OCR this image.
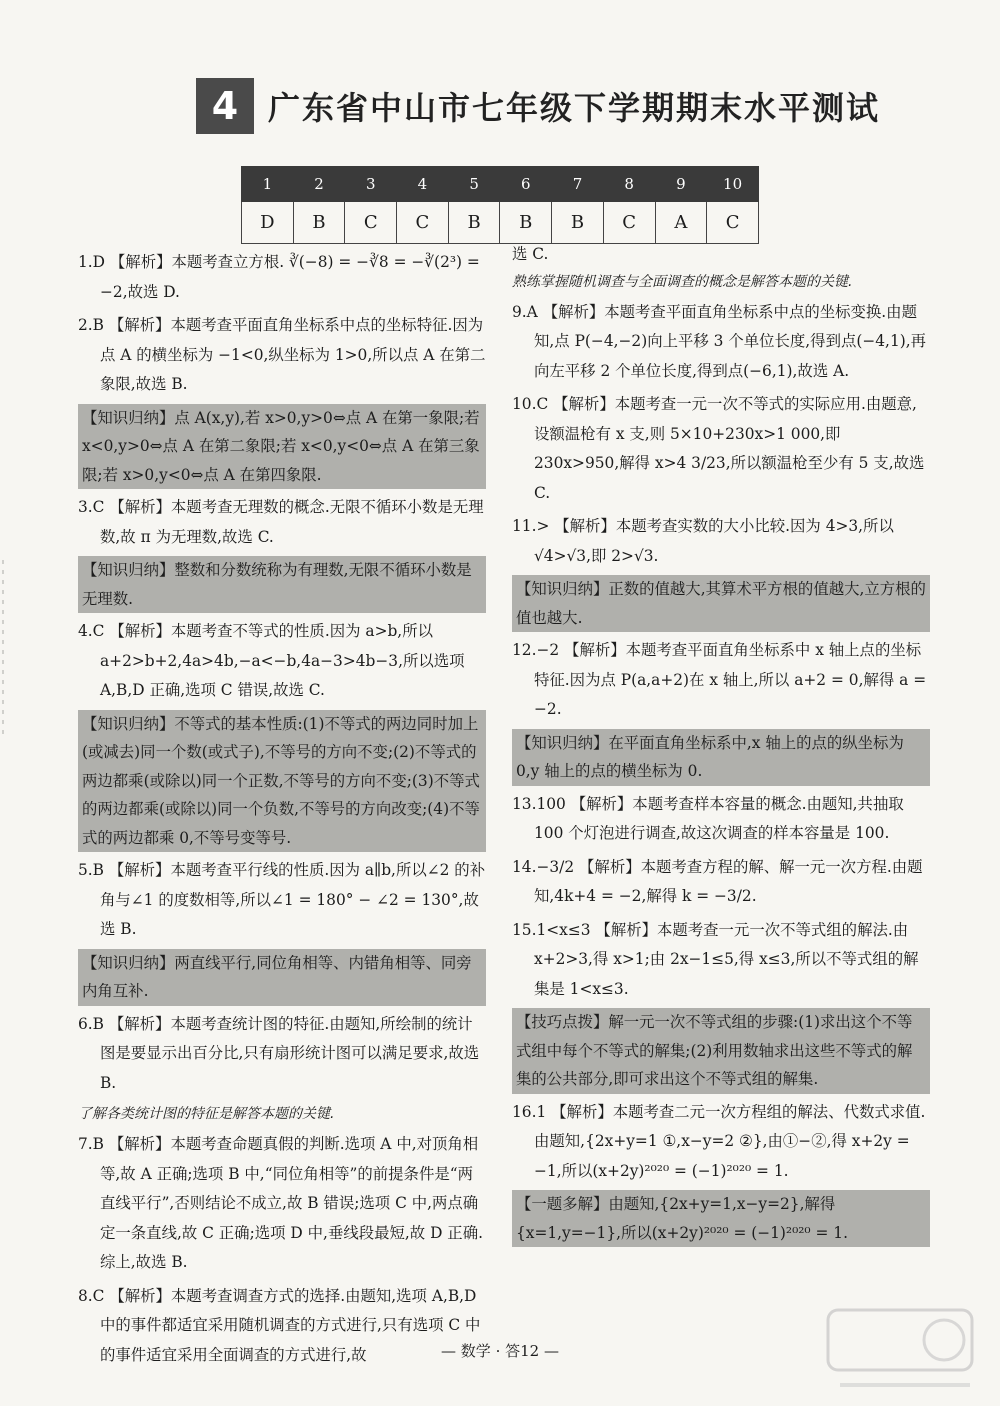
4 广东省中山市七年级下学期期末水平测试
1	2	3	4	5	6	7	8	9	10
D	B	C	C	B	B	B	C	A	C

1.D 【解析】本题考查立方根. ∛(−8) = −∛8 = −∛(2³) = −2,故选 D.

2.B 【解析】本题考查平面直角坐标系中点的坐标特征.因为点 A 的横坐标为 −1<0,纵坐标为 1>0,所以点 A 在第二象限,故选 B.

【知识归纳】点 A(x,y),若 x>0,y>0⇔点 A 在第一象限;若 x<0,y>0⇔点 A 在第二象限;若 x<0,y<0⇔点 A 在第三象限;若 x>0,y<0⇔点 A 在第四象限.

3.C 【解析】本题考查无理数的概念.无限不循环小数是无理数,故 π 为无理数,故选 C.

【知识归纳】整数和分数统称为有理数,无限不循环小数是无理数.

4.C 【解析】本题考查不等式的性质.因为 a>b,所以 a+2>b+2,4a>4b,−a<−b,4a−3>4b−3,所以选项 A,B,D 正确,选项 C 错误,故选 C.

【知识归纳】不等式的基本性质:(1)不等式的两边同时加上(或减去)同一个数(或式子),不等号的方向不变;(2)不等式的两边都乘(或除以)同一个正数,不等号的方向不变;(3)不等式的两边都乘(或除以)同一个负数,不等号的方向改变;(4)不等式的两边都乘 0,不等号变等号.

5.B 【解析】本题考查平行线的性质.因为 a∥b,所以∠2 的补角与∠1 的度数相等,所以∠1 = 180° − ∠2 = 130°,故选 B.

【知识归纳】两直线平行,同位角相等、内错角相等、同旁内角互补.

6.B 【解析】本题考查统计图的特征.由题知,所绘制的统计图是要显示出百分比,只有扇形统计图可以满足要求,故选 B.

了解各类统计图的特征是解答本题的关键.

7.B 【解析】本题考查命题真假的判断.选项 A 中,对顶角相等,故 A 正确;选项 B 中,“同位角相等”的前提条件是“两直线平行”,否则结论不成立,故 B 错误;选项 C 中,两点确定一条直线,故 C 正确;选项 D 中,垂线段最短,故 D 正确.综上,故选 B.

8.C 【解析】本题考查调查方式的选择.由题知,选项 A,B,D 中的事件都适宜采用随机调查的方式进行,只有选项 C 中的事件适宜采用全面调查的方式进行,故

选 C.

熟练掌握随机调查与全面调查的概念是解答本题的关键.

9.A 【解析】本题考查平面直角坐标系中点的坐标变换.由题知,点 P(−4,−2)向上平移 3 个单位长度,得到点(−4,1),再向左平移 2 个单位长度,得到点(−6,1),故选 A.

10.C 【解析】本题考查一元一次不等式的实际应用.由题意,设额温枪有 x 支,则 5×10+230x>1 000,即 230x>950,解得 x>4 3/23,所以额温枪至少有 5 支,故选 C.

11.> 【解析】本题考查实数的大小比较.因为 4>3,所以 √4>√3,即 2>√3.

【知识归纳】正数的值越大,其算术平方根的值越大,立方根的值也越大.

12.−2 【解析】本题考查平面直角坐标系中 x 轴上点的坐标特征.因为点 P(a,a+2)在 x 轴上,所以 a+2 = 0,解得 a = −2.

【知识归纳】在平面直角坐标系中,x 轴上的点的纵坐标为 0,y 轴上的点的横坐标为 0.

13.100 【解析】本题考查样本容量的概念.由题知,共抽取 100 个灯泡进行调查,故这次调查的样本容量是 100.

14.−3/2 【解析】本题考查方程的解、解一元一次方程.由题知,4k+4 = −2,解得 k = −3/2.

15.1<x≤3 【解析】本题考查一元一次不等式组的解法.由 x+2>3,得 x>1;由 2x−1≤5,得 x≤3,所以不等式组的解集是 1<x≤3.

【技巧点拨】解一元一次不等式组的步骤:(1)求出这个不等式组中每个不等式的解集;(2)利用数轴求出这些不等式的解集的公共部分,即可求出这个不等式组的解集.

16.1 【解析】本题考查二元一次方程组的解法、代数式求值.由题知,{2x+y=1 ①,x−y=2 ②},由①−②,得 x+2y = −1,所以(x+2y)²⁰²⁰ = (−1)²⁰²⁰ = 1.

【一题多解】由题知,{2x+y=1,x−y=2},解得 {x=1,y=−1},所以(x+2y)²⁰²⁰ = (−1)²⁰²⁰ = 1.

— 数学 · 答12 —
